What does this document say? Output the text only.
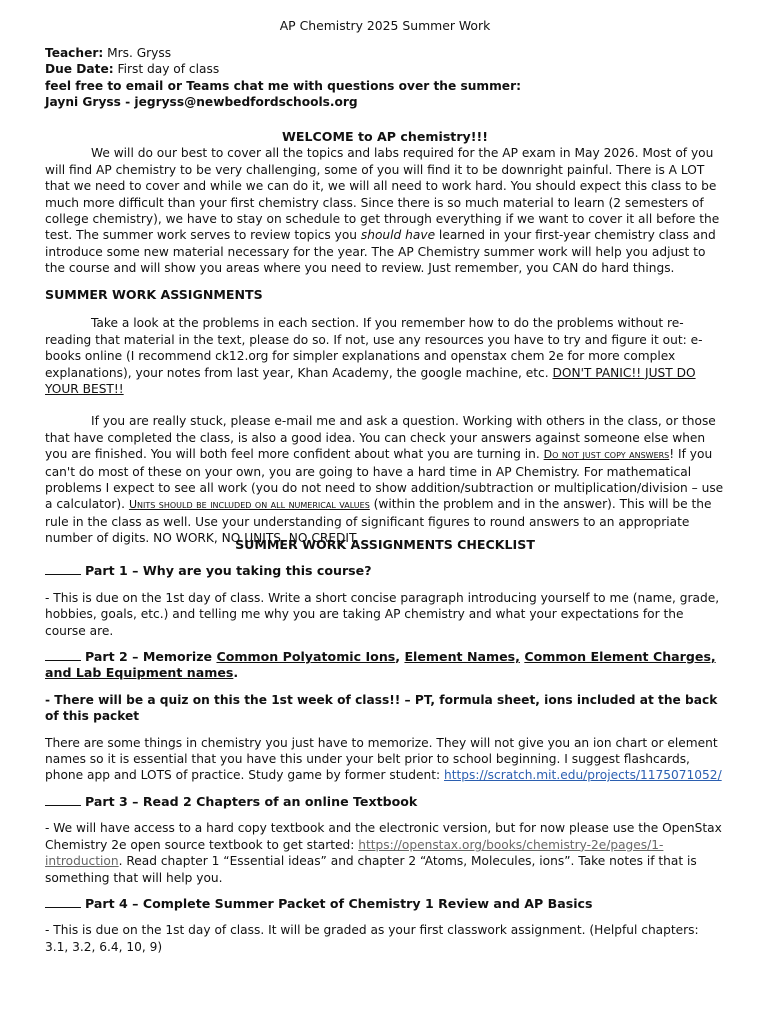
AP Chemistry 2025 Summer Work
Teacher: Mrs. Gryss
Due Date: First day of class
feel free to email or Teams chat me with questions over the summer:
Jayni Gryss - jegryss@newbedfordschools.org
WELCOME to AP chemistry!!!

We will do our best to cover all the topics and labs required for the AP exam in May 2026. Most of you will find AP chemistry to be very challenging, some of you will find it to be downright painful. There is A LOT that we need to cover and while we can do it, we will all need to work hard. You should expect this class to be much more difficult than your first chemistry class. Since there is so much material to learn (2 semesters of college chemistry), we have to stay on schedule to get through everything if we want to cover it all before the test. The summer work serves to review topics you should have learned in your first-year chemistry class and introduce some new material necessary for the year. The AP Chemistry summer work will help you adjust to the course and will show you areas where you need to review. Just remember, you CAN do hard things.

SUMMER WORK ASSIGNMENTS

Take a look at the problems in each section. If you remember how to do the problems without re-reading that material in the text, please do so. If not, use any resources you have to try and figure it out: e-books online (I recommend ck12.org for simpler explanations and openstax chem 2e for more complex explanations), your notes from last year, Khan Academy, the google machine, etc. DON'T PANIC!! JUST DO YOUR BEST!!

If you are really stuck, please e-mail me and ask a question. Working with others in the class, or those that have completed the class, is also a good idea. You can check your answers against someone else when you are finished. You will both feel more confident about what you are turning in. Do not just copy answers! If you can't do most of these on your own, you are going to have a hard time in AP Chemistry. For mathematical problems I expect to see all work (you do not need to show addition/subtraction or multiplication/division – use a calculator). Units should be included on all numerical values (within the problem and in the answer). This will be the rule in the class as well. Use your understanding of significant figures to round answers to an appropriate number of digits. NO WORK, NO UNITS, NO CREDIT.

SUMMER WORK ASSIGNMENTS CHECKLIST
Part 1 – Why are you taking this course?

- This is due on the 1st day of class. Write a short concise paragraph introducing yourself to me (name, grade, hobbies, goals, etc.) and telling me why you are taking AP chemistry and what your expectations for the course are.

Part 2 – Memorize Common Polyatomic Ions, Element Names, Common Element Charges, and Lab Equipment names.

- There will be a quiz on this the 1st week of class!! – PT, formula sheet, ions included at the back of this packet

There are some things in chemistry you just have to memorize. They will not give you an ion chart or element names so it is essential that you have this under your belt prior to school beginning. I suggest flashcards, phone app and LOTS of practice. Study game by former student: https://scratch.mit.edu/projects/1175071052/

Part 3 – Read 2 Chapters of an online Textbook

- We will have access to a hard copy textbook and the electronic version, but for now please use the OpenStax Chemistry 2e open source textbook to get started: https://openstax.org/books/chemistry-2e/pages/1-introduction. Read chapter 1 “Essential ideas” and chapter 2 “Atoms, Molecules, ions”. Take notes if that is something that will help you.

Part 4 – Complete Summer Packet of Chemistry 1 Review and AP Basics

- This is due on the 1st day of class. It will be graded as your first classwork assignment. (Helpful chapters: 3.1, 3.2, 6.4, 10, 9)
